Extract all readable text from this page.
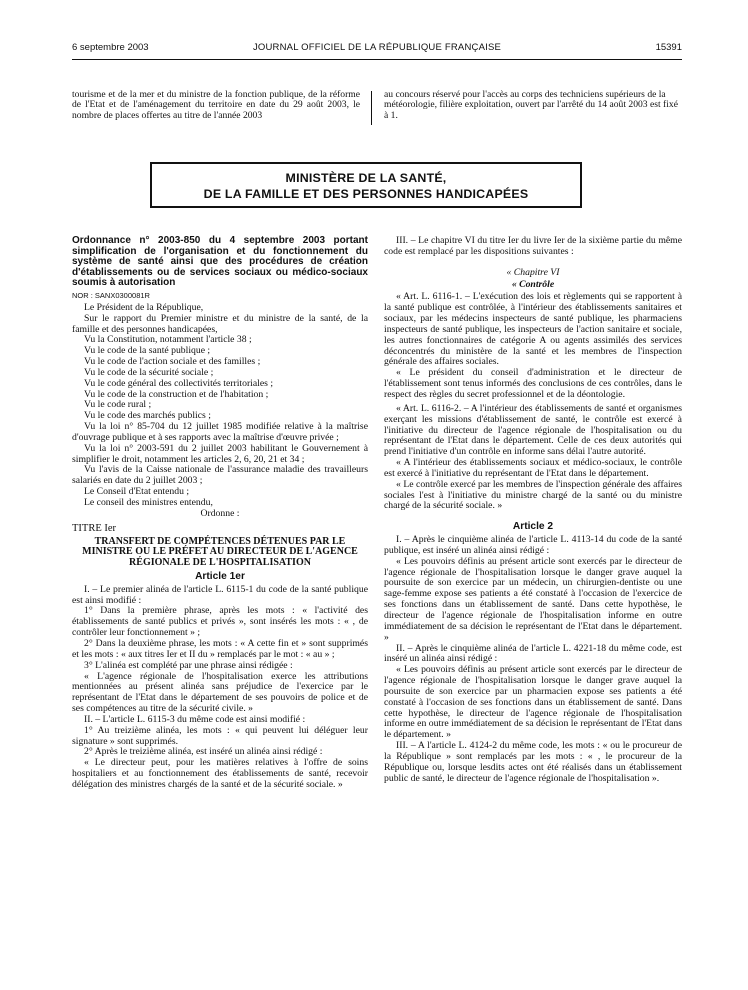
6 septembre 2003	JOURNAL OFFICIEL DE LA RÉPUBLIQUE FRANÇAISE	15391
tourisme et de la mer et du ministre de la fonction publique, de la réforme de l'Etat et de l'aménagement du territoire en date du 29 août 2003, le nombre de places offertes au titre de l'année 2003
au concours réservé pour l'accès au corps des techniciens supérieurs de la météorologie, filière exploitation, ouvert par l'arrêté du 14 août 2003 est fixé à 1.
MINISTÈRE DE LA SANTÉ,
DE LA FAMILLE ET DES PERSONNES HANDICAPÉES

Ordonnance n° 2003-850 du 4 septembre 2003 portant simplification de l'organisation et du fonctionnement du système de santé ainsi que des procédures de création d'établissements ou de services sociaux ou médico-sociaux soumis à autorisation

NOR : SANX0300081R

Le Président de la République,

Sur le rapport du Premier ministre et du ministre de la santé, de la famille et des personnes handicapées,

Vu la Constitution, notamment l'article 38 ;

Vu le code de la santé publique ;

Vu le code de l'action sociale et des familles ;

Vu le code de la sécurité sociale ;

Vu le code général des collectivités territoriales ;

Vu le code de la construction et de l'habitation ;

Vu le code rural ;

Vu le code des marchés publics ;

Vu la loi n° 85-704 du 12 juillet 1985 modifiée relative à la maîtrise d'ouvrage publique et à ses rapports avec la maîtrise d'œuvre privée ;

Vu la loi n° 2003-591 du 2 juillet 2003 habilitant le Gouvernement à simplifier le droit, notamment les articles 2, 6, 20, 21 et 34 ;

Vu l'avis de la Caisse nationale de l'assurance maladie des travailleurs salariés en date du 2 juillet 2003 ;

Le Conseil d'Etat entendu ;

Le conseil des ministres entendu,

Ordonne :

TITRE Ier

TRANSFERT DE COMPÉTENCES DÉTENUES PAR LE MINISTRE OU LE PRÉFET AU DIRECTEUR DE L'AGENCE RÉGIONALE DE L'HOSPITALISATION

Article 1er

I. – Le premier alinéa de l'article L. 6115-1 du code de la santé publique est ainsi modifié :

1° Dans la première phrase, après les mots : « l'activité des établissements de santé publics et privés », sont insérés les mots : « , de contrôler leur fonctionnement » ;

2° Dans la deuxième phrase, les mots : « A cette fin et » sont supprimés et les mots : « aux titres Ier et II du » remplacés par le mot : « au » ;

3° L'alinéa est complété par une phrase ainsi rédigée :

« L'agence régionale de l'hospitalisation exerce les attributions mentionnées au présent alinéa sans préjudice de l'exercice par le représentant de l'Etat dans le département de ses pouvoirs de police et de ses compétences au titre de la sécurité civile. »

II. – L'article L. 6115-3 du même code est ainsi modifié :

1° Au treizième alinéa, les mots : « qui peuvent lui déléguer leur signature » sont supprimés.

2° Après le treizième alinéa, est inséré un alinéa ainsi rédigé :

« Le directeur peut, pour les matières relatives à l'offre de soins hospitaliers et au fonctionnement des établissements de santé, recevoir délégation des ministres chargés de la santé et de la sécurité sociale. »

III. – Le chapitre VI du titre Ier du livre Ier de la sixième partie du même code est remplacé par les dispositions suivantes :

« Chapitre VI

« Contrôle

« Art. L. 6116-1. – L'exécution des lois et règlements qui se rapportent à la santé publique est contrôlée, à l'intérieur des établissements sanitaires et sociaux, par les médecins inspecteurs de santé publique, les pharmaciens inspecteurs de santé publique, les inspecteurs de l'action sanitaire et sociale, les autres fonctionnaires de catégorie A ou agents assimilés des services déconcentrés du ministère de la santé et les membres de l'inspection générale des affaires sociales.

« Le président du conseil d'administration et le directeur de l'établissement sont tenus informés des conclusions de ces contrôles, dans le respect des règles du secret professionnel et de la déontologie.

« Art. L. 6116-2. – A l'intérieur des établissements de santé et organismes exerçant les missions d'établissement de santé, le contrôle est exercé à l'initiative du directeur de l'agence régionale de l'hospitalisation ou du représentant de l'Etat dans le département. Celle de ces deux autorités qui prend l'initiative d'un contrôle en informe sans délai l'autre autorité.

« A l'intérieur des établissements sociaux et médico-sociaux, le contrôle est exercé à l'initiative du représentant de l'Etat dans le département.

« Le contrôle exercé par les membres de l'inspection générale des affaires sociales l'est à l'initiative du ministre chargé de la santé ou du ministre chargé de la sécurité sociale. »

Article 2

I. – Après le cinquième alinéa de l'article L. 4113-14 du code de la santé publique, est inséré un alinéa ainsi rédigé :

« Les pouvoirs définis au présent article sont exercés par le directeur de l'agence régionale de l'hospitalisation lorsque le danger grave auquel la poursuite de son exercice par un médecin, un chirurgien-dentiste ou une sage-femme expose ses patients a été constaté à l'occasion de l'exercice de ses fonctions dans un établissement de santé. Dans cette hypothèse, le directeur de l'agence régionale de l'hospitalisation informe en outre immédiatement de sa décision le représentant de l'Etat dans le département. »

II. – Après le cinquième alinéa de l'article L. 4221-18 du même code, est inséré un alinéa ainsi rédigé :

« Les pouvoirs définis au présent article sont exercés par le directeur de l'agence régionale de l'hospitalisation lorsque le danger grave auquel la poursuite de son exercice par un pharmacien expose ses patients a été constaté à l'occasion de ses fonctions dans un établissement de santé. Dans cette hypothèse, le directeur de l'agence régionale de l'hospitalisation informe en outre immédiatement de sa décision le représentant de l'Etat dans le département. »

III. – A l'article L. 4124-2 du même code, les mots : « ou le procureur de la République » sont remplacés par les mots : « , le procureur de la République ou, lorsque lesdits actes ont été réalisés dans un établissement public de santé, le directeur de l'agence régionale de l'hospitalisation ».
